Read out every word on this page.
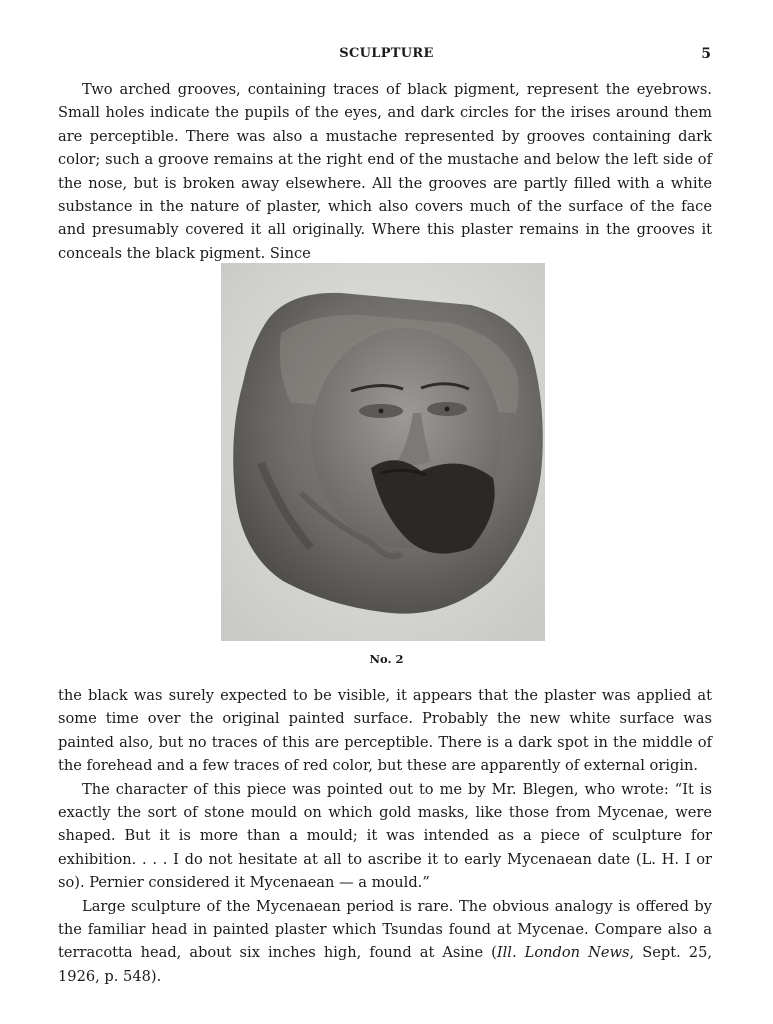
SCULPTURE	5

Two arched grooves, containing traces of black pigment, represent the eyebrows. Small holes indicate the pupils of the eyes, and dark circles for the irises around them are perceptible. There was also a mustache represented by grooves containing dark color; such a groove remains at the right end of the mustache and below the left side of the nose, but is broken away elsewhere. All the grooves are partly filled with a white substance in the nature of plaster, which also covers much of the surface of the face and presumably covered it all originally. Where this plaster remains in the grooves it conceals the black pigment. Since

No. 2

the black was surely expected to be visible, it appears that the plaster was applied at some time over the original painted surface. Probably the new white surface was painted also, but no traces of this are perceptible. There is a dark spot in the middle of the forehead and a few traces of red color, but these are apparently of external origin.

The character of this piece was pointed out to me by Mr. Blegen, who wrote: “It is exactly the sort of stone mould on which gold masks, like those from Mycenae, were shaped. But it is more than a mould; it was intended as a piece of sculpture for exhibition. . . . I do not hesitate at all to ascribe it to early Mycenaean date (L. H. I or so). Pernier considered it Mycenaean — a mould.”

Large sculpture of the Mycenaean period is rare. The obvious analogy is offered by the familiar head in painted plaster which Tsundas found at Mycenae. Compare also a terracotta head, about six inches high, found at Asine (Ill. London News, Sept. 25, 1926, p. 548).
